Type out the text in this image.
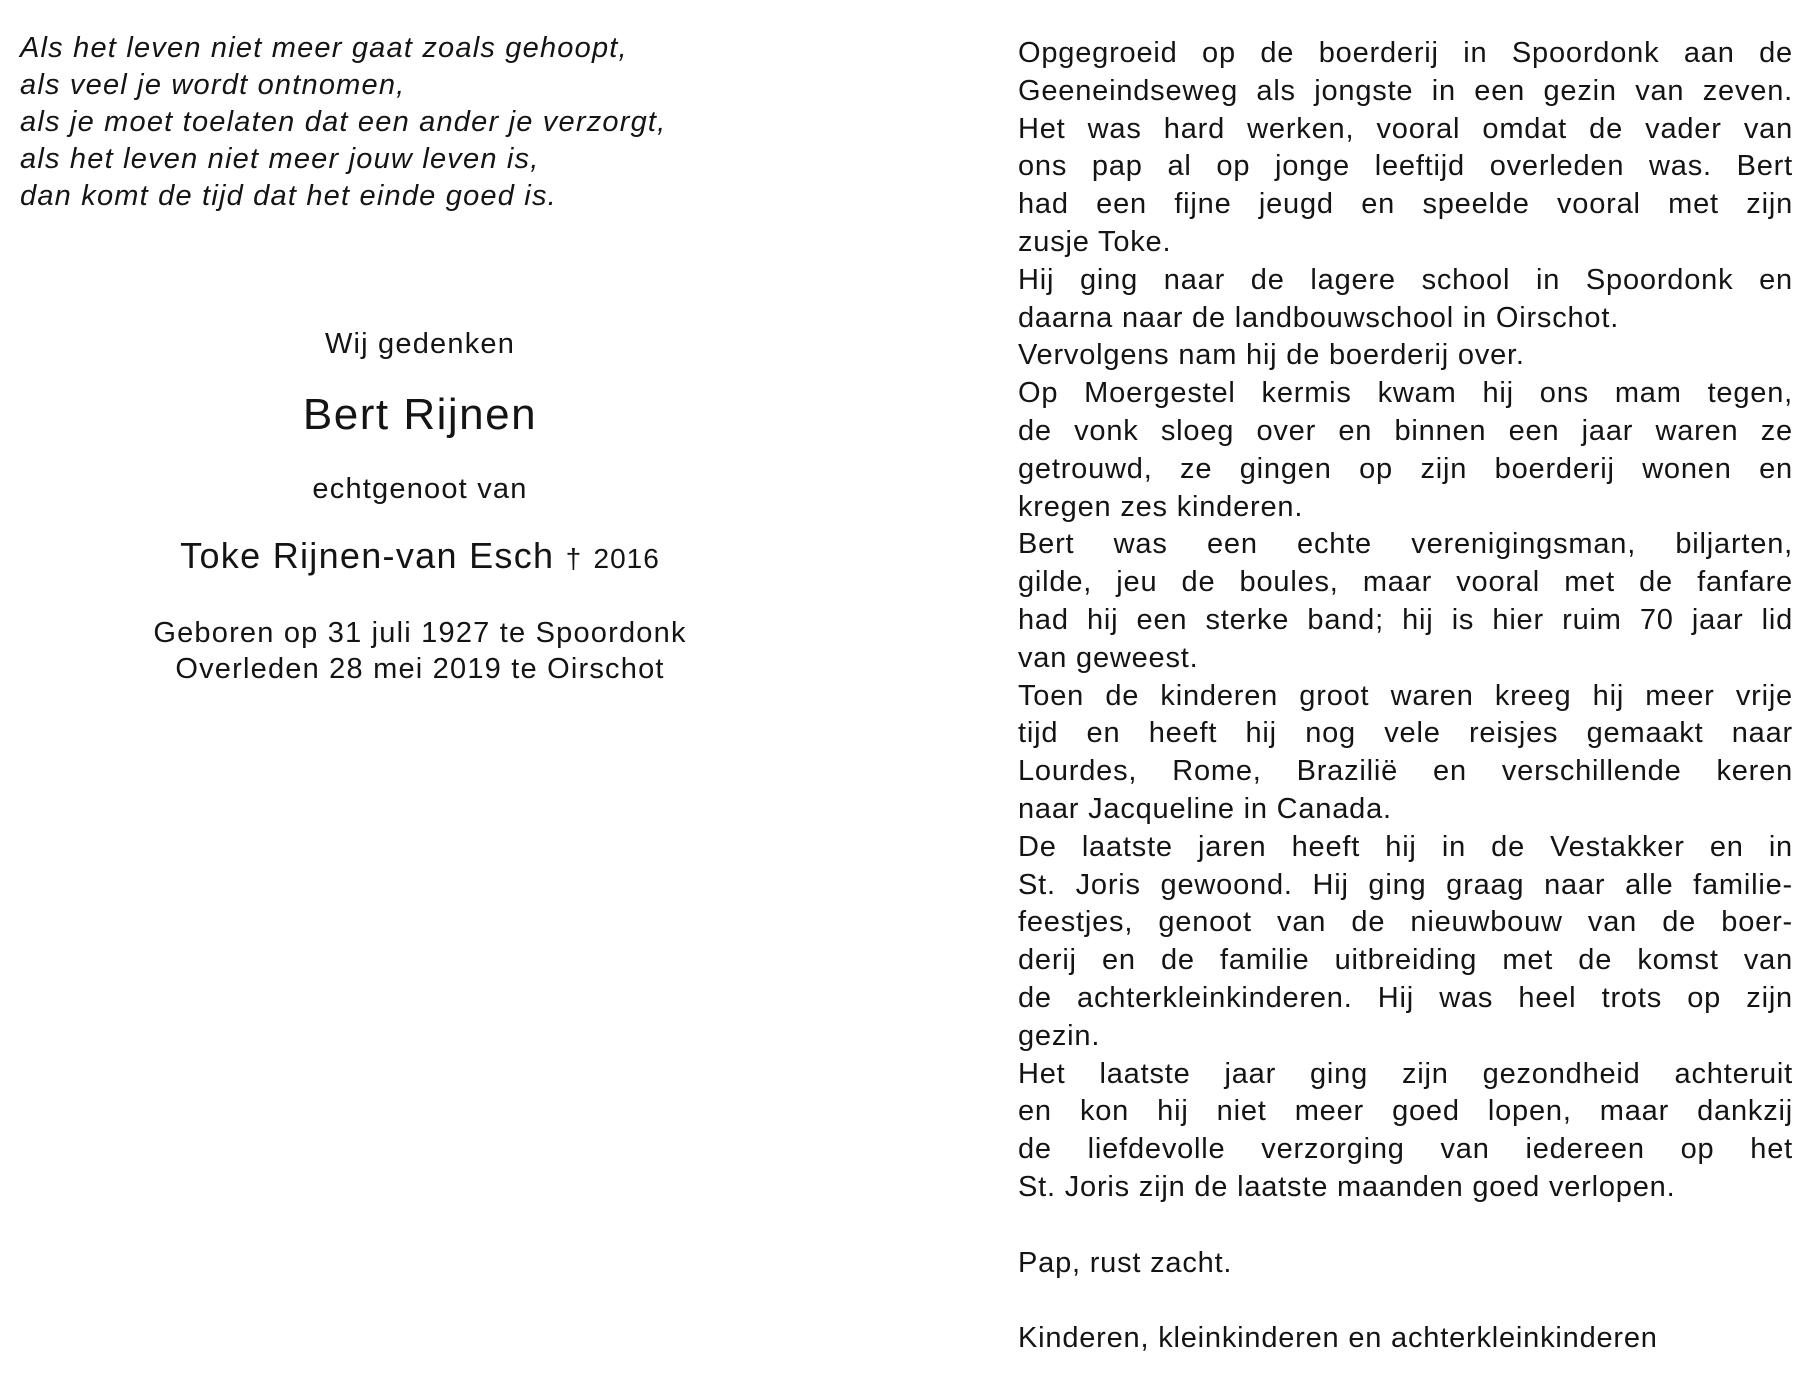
Als het leven niet meer gaat zoals gehoopt,
als veel je wordt ontnomen,
als je moet toelaten dat een ander je verzorgt,
als het leven niet meer jouw leven is,
dan komt de tijd dat het einde goed is.
Wij gedenken
Bert Rijnen
echtgenoot van
Toke Rijnen-van Esch † 2016
Geboren op 31 juli 1927 te Spoordonk
Overleden 28 mei 2019 te Oirschot
Opgegroeid op de boerderij in Spoordonk aan de
Geeneindseweg als jongste in een gezin van zeven.
Het was hard werken, vooral omdat de vader van
ons pap al op jonge leeftijd overleden was. Bert
had een fijne jeugd en speelde vooral met zijn
zusje Toke.
Hij ging naar de lagere school in Spoordonk en
daarna naar de landbouwschool in Oirschot.
Vervolgens nam hij de boerderij over.
Op Moergestel kermis kwam hij ons mam tegen,
de vonk sloeg over en binnen een jaar waren ze
getrouwd, ze gingen op zijn boerderij wonen en
kregen zes kinderen.
Bert was een echte verenigingsman, biljarten,
gilde, jeu de boules, maar vooral met de fanfare
had hij een sterke band; hij is hier ruim 70 jaar lid
van geweest.
Toen de kinderen groot waren kreeg hij meer vrije
tijd en heeft hij nog vele reisjes gemaakt naar
Lourdes, Rome, Brazilië en verschillende keren
naar Jacqueline in Canada.
De laatste jaren heeft hij in de Vestakker en in
St. Joris gewoond. Hij ging graag naar alle familie-
feestjes, genoot van de nieuwbouw van de boer-
derij en de familie uitbreiding met de komst van
de achterkleinkinderen. Hij was heel trots op zijn
gezin.
Het laatste jaar ging zijn gezondheid achteruit
en kon hij niet meer goed lopen, maar dankzij
de liefdevolle verzorging van iedereen op het
St. Joris zijn de laatste maanden goed verlopen.
Pap, rust zacht.
Kinderen, kleinkinderen en achterkleinkinderen
